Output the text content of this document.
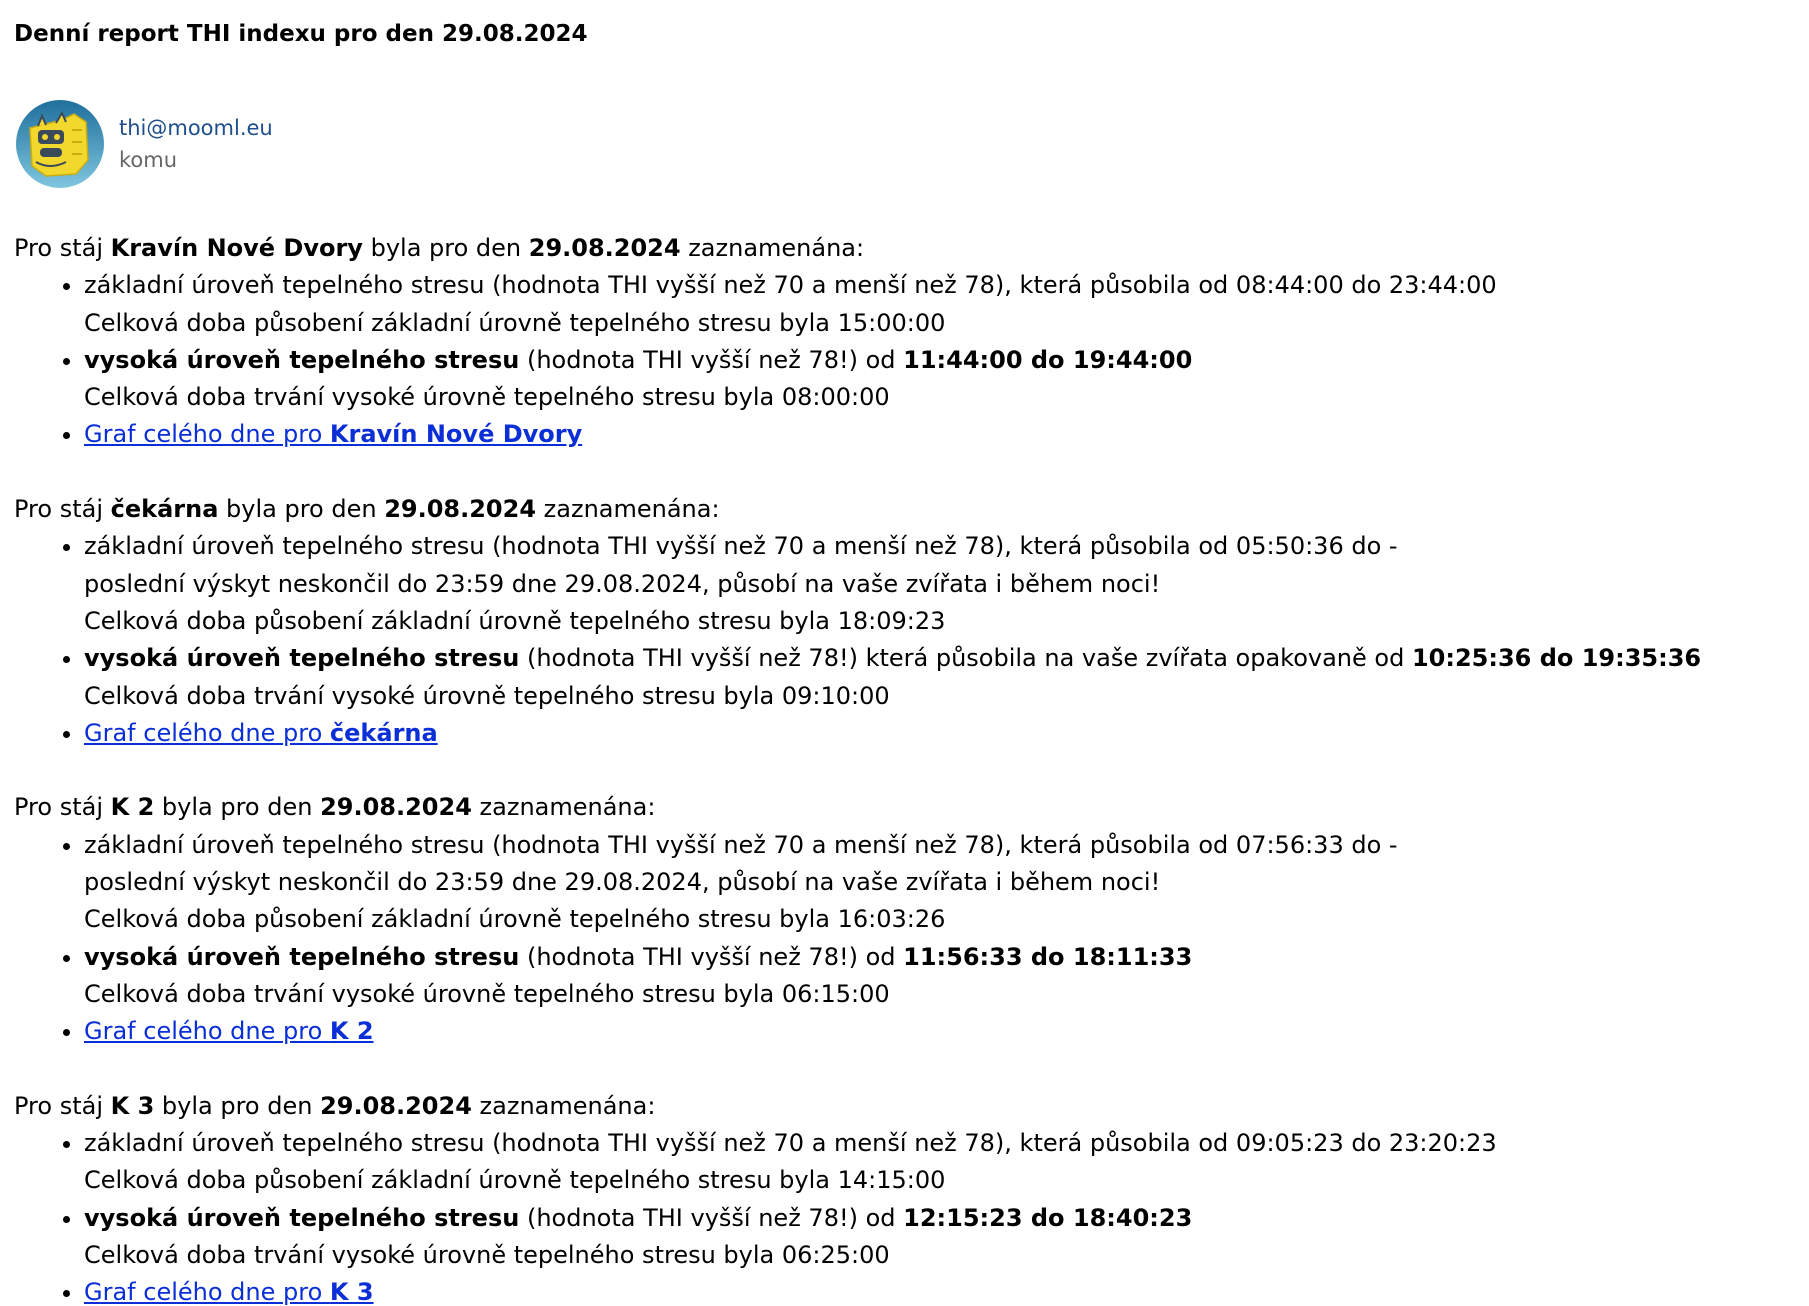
Denní report THI indexu pro den 29.08.2024
thi@mooml.eu
komu

Pro stáj Kravín Nové Dvory byla pro den 29.08.2024 zaznamenána:

• základní úroveň tepelného stresu (hodnota THI vyšší než 70 a menší než 78), která působila od 08:44:00 do 23:44:00
Celková doba působení základní úrovně tepelného stresu byla 15:00:00
• vysoká úroveň tepelného stresu (hodnota THI vyšší než 78!) od 11:44:00 do 19:44:00
Celková doba trvání vysoké úrovně tepelného stresu byla 08:00:00
• Graf celého dne pro Kravín Nové Dvory

Pro stáj čekárna byla pro den 29.08.2024 zaznamenána:

• základní úroveň tepelného stresu (hodnota THI vyšší než 70 a menší než 78), která působila od 05:50:36 do -
poslední výskyt neskončil do 23:59 dne 29.08.2024, působí na vaše zvířata i během noci!
Celková doba působení základní úrovně tepelného stresu byla 18:09:23
• vysoká úroveň tepelného stresu (hodnota THI vyšší než 78!) která působila na vaše zvířata opakovaně od 10:25:36 do 19:35:36
Celková doba trvání vysoké úrovně tepelného stresu byla 09:10:00
• Graf celého dne pro čekárna

Pro stáj K 2 byla pro den 29.08.2024 zaznamenána:

• základní úroveň tepelného stresu (hodnota THI vyšší než 70 a menší než 78), která působila od 07:56:33 do -
poslední výskyt neskončil do 23:59 dne 29.08.2024, působí na vaše zvířata i během noci!
Celková doba působení základní úrovně tepelného stresu byla 16:03:26
• vysoká úroveň tepelného stresu (hodnota THI vyšší než 78!) od 11:56:33 do 18:11:33
Celková doba trvání vysoké úrovně tepelného stresu byla 06:15:00
• Graf celého dne pro K 2

Pro stáj K 3 byla pro den 29.08.2024 zaznamenána:

• základní úroveň tepelného stresu (hodnota THI vyšší než 70 a menší než 78), která působila od 09:05:23 do 23:20:23
Celková doba působení základní úrovně tepelného stresu byla 14:15:00
• vysoká úroveň tepelného stresu (hodnota THI vyšší než 78!) od 12:15:23 do 18:40:23
Celková doba trvání vysoké úrovně tepelného stresu byla 06:25:00
• Graf celého dne pro K 3
